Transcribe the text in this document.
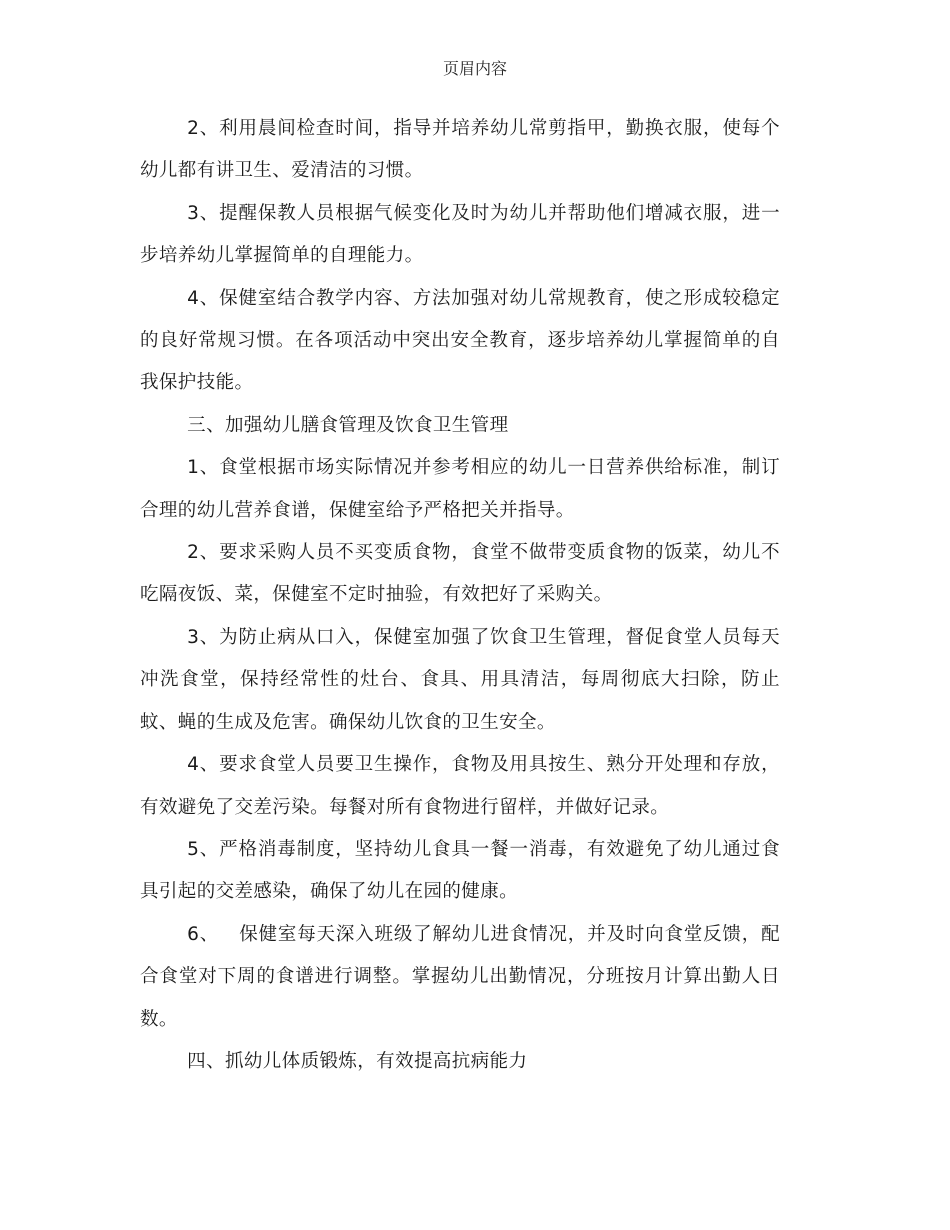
页眉内容

2、利用晨间检查时间，指导并培养幼儿常剪指甲，勤换衣服，使每个幼儿都有讲卫生、爱清洁的习惯。

3、提醒保教人员根据气候变化及时为幼儿并帮助他们增减衣服，进一步培养幼儿掌握简单的自理能力。

4、保健室结合教学内容、方法加强对幼儿常规教育，使之形成较稳定的良好常规习惯。在各项活动中突出安全教育，逐步培养幼儿掌握简单的自我保护技能。

三、加强幼儿膳食管理及饮食卫生管理

1、食堂根据市场实际情况并参考相应的幼儿一日营养供给标准，制订合理的幼儿营养食谱，保健室给予严格把关并指导。

2、要求采购人员不买变质食物，食堂不做带变质食物的饭菜，幼儿不吃隔夜饭、菜，保健室不定时抽验，有效把好了采购关。

3、为防止病从口入，保健室加强了饮食卫生管理，督促食堂人员每天冲洗食堂，保持经常性的灶台、食具、用具清洁，每周彻底大扫除，防止蚊、蝇的生成及危害。确保幼儿饮食的卫生安全。

4、要求食堂人员要卫生操作，食物及用具按生、熟分开处理和存放，有效避免了交差污染。每餐对所有食物进行留样，并做好记录。

5、严格消毒制度，坚持幼儿食具一餐一消毒，有效避免了幼儿通过食具引起的交差感染，确保了幼儿在园的健康。

6、   保健室每天深入班级了解幼儿进食情况，并及时向食堂反馈，配合食堂对下周的食谱进行调整。掌握幼儿出勤情况，分班按月计算出勤人日数。

四、抓幼儿体质锻炼，有效提高抗病能力
